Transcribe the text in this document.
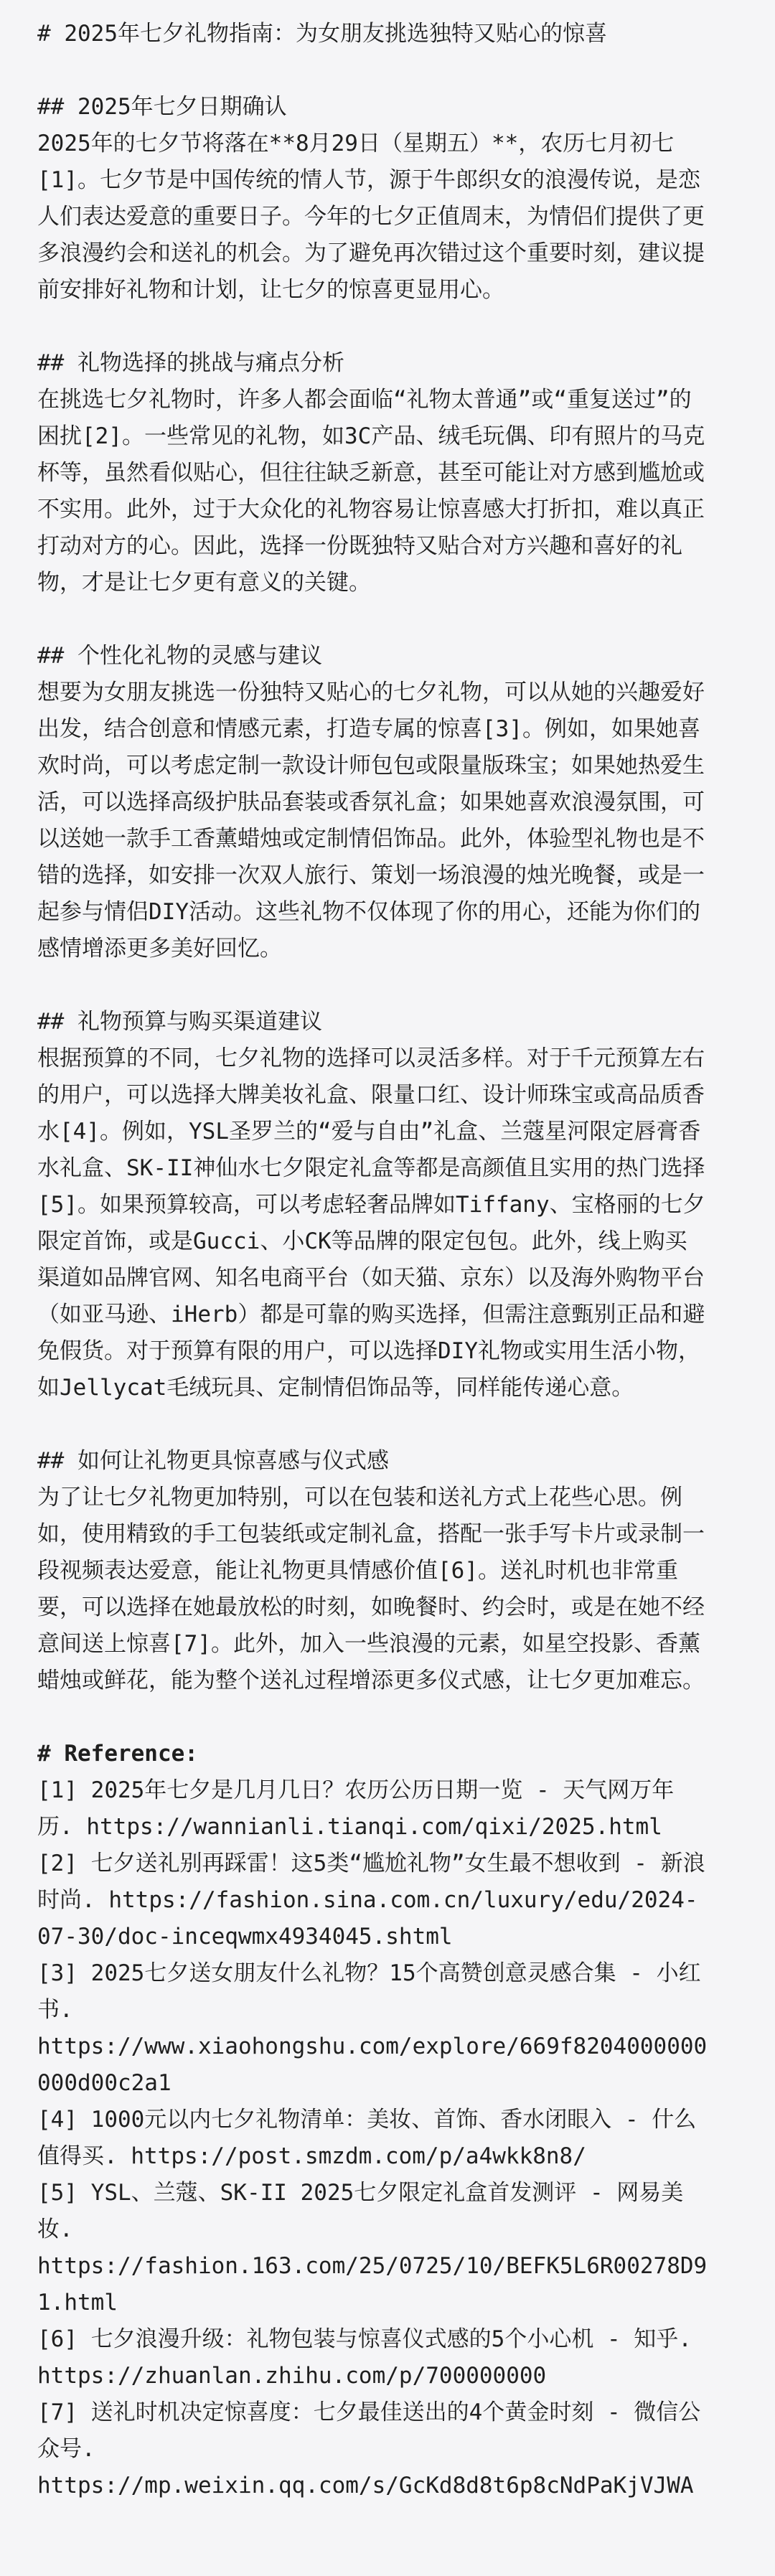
# 2025年七夕礼物指南：为女朋友挑选独特又贴心的惊喜

## 2025年七夕日期确认

2025年的七夕节将落在**8月29日（星期五）**，农历七月初七

[1]。七夕节是中国传统的情人节，源于牛郎织女的浪漫传说，是恋

人们表达爱意的重要日子。今年的七夕正值周末，为情侣们提供了更

多浪漫约会和送礼的机会。为了避免再次错过这个重要时刻，建议提

前安排好礼物和计划，让七夕的惊喜更显用心。

## 礼物选择的挑战与痛点分析

在挑选七夕礼物时，许多人都会面临“礼物太普通”或“重复送过”的

困扰[2]。一些常见的礼物，如3C产品、绒毛玩偶、印有照片的马克

杯等，虽然看似贴心，但往往缺乏新意，甚至可能让对方感到尴尬或

不实用。此外，过于大众化的礼物容易让惊喜感大打折扣，难以真正

打动对方的心。因此，选择一份既独特又贴合对方兴趣和喜好的礼

物，才是让七夕更有意义的关键。

## 个性化礼物的灵感与建议

想要为女朋友挑选一份独特又贴心的七夕礼物，可以从她的兴趣爱好

出发，结合创意和情感元素，打造专属的惊喜[3]。例如，如果她喜

欢时尚，可以考虑定制一款设计师包包或限量版珠宝；如果她热爱生

活，可以选择高级护肤品套装或香氛礼盒；如果她喜欢浪漫氛围，可

以送她一款手工香薰蜡烛或定制情侣饰品。此外，体验型礼物也是不

错的选择，如安排一次双人旅行、策划一场浪漫的烛光晚餐，或是一

起参与情侣DIY活动。这些礼物不仅体现了你的用心，还能为你们的

感情增添更多美好回忆。

## 礼物预算与购买渠道建议

根据预算的不同，七夕礼物的选择可以灵活多样。对于千元预算左右

的用户，可以选择大牌美妆礼盒、限量口红、设计师珠宝或高品质香

水[4]。例如，YSL圣罗兰的“爱与自由”礼盒、兰蔻星河限定唇膏香

水礼盒、SK-II神仙水七夕限定礼盒等都是高颜值且实用的热门选择

[5]。如果预算较高，可以考虑轻奢品牌如Tiffany、宝格丽的七夕

限定首饰，或是Gucci、小CK等品牌的限定包包。此外，线上购买

渠道如品牌官网、知名电商平台（如天猫、京东）以及海外购物平台

（如亚马逊、iHerb）都是可靠的购买选择，但需注意甄别正品和避

免假货。对于预算有限的用户，可以选择DIY礼物或实用生活小物，

如Jellycat毛绒玩具、定制情侣饰品等，同样能传递心意。

## 如何让礼物更具惊喜感与仪式感

为了让七夕礼物更加特别，可以在包装和送礼方式上花些心思。例

如，使用精致的手工包装纸或定制礼盒，搭配一张手写卡片或录制一

段视频表达爱意，能让礼物更具情感价值[6]。送礼时机也非常重

要，可以选择在她最放松的时刻，如晚餐时、约会时，或是在她不经

意间送上惊喜[7]。此外，加入一些浪漫的元素，如星空投影、香薰

蜡烛或鲜花，能为整个送礼过程增添更多仪式感，让七夕更加难忘。

# Reference:

[1] 2025年七夕是几月几日？农历公历日期一览 - 天气网万年

历. https://wannianli.tianqi.com/qixi/2025.html

[2] 七夕送礼别再踩雷！这5类“尴尬礼物”女生最不想收到 - 新浪

时尚. https://fashion.sina.com.cn/luxury/edu/2024-

07-30/doc-inceqwmx4934045.shtml

[3] 2025七夕送女朋友什么礼物？15个高赞创意灵感合集 - 小红

书.

https://www.xiaohongshu.com/explore/669f8204000000

000d00c2a1

[4] 1000元以内七夕礼物清单：美妆、首饰、香水闭眼入 - 什么

值得买. https://post.smzdm.com/p/a4wkk8n8/

[5] YSL、兰蔻、SK-II 2025七夕限定礼盒首发测评 - 网易美

妆.

https://fashion.163.com/25/0725/10/BEFK5L6R00278D9

1.html

[6] 七夕浪漫升级：礼物包装与惊喜仪式感的5个小心机 - 知乎.

https://zhuanlan.zhihu.com/p/700000000

[7] 送礼时机决定惊喜度：七夕最佳送出的4个黄金时刻 - 微信公

众号.

https://mp.weixin.qq.com/s/GcKd8d8t6p8cNdPaKjVJWA
